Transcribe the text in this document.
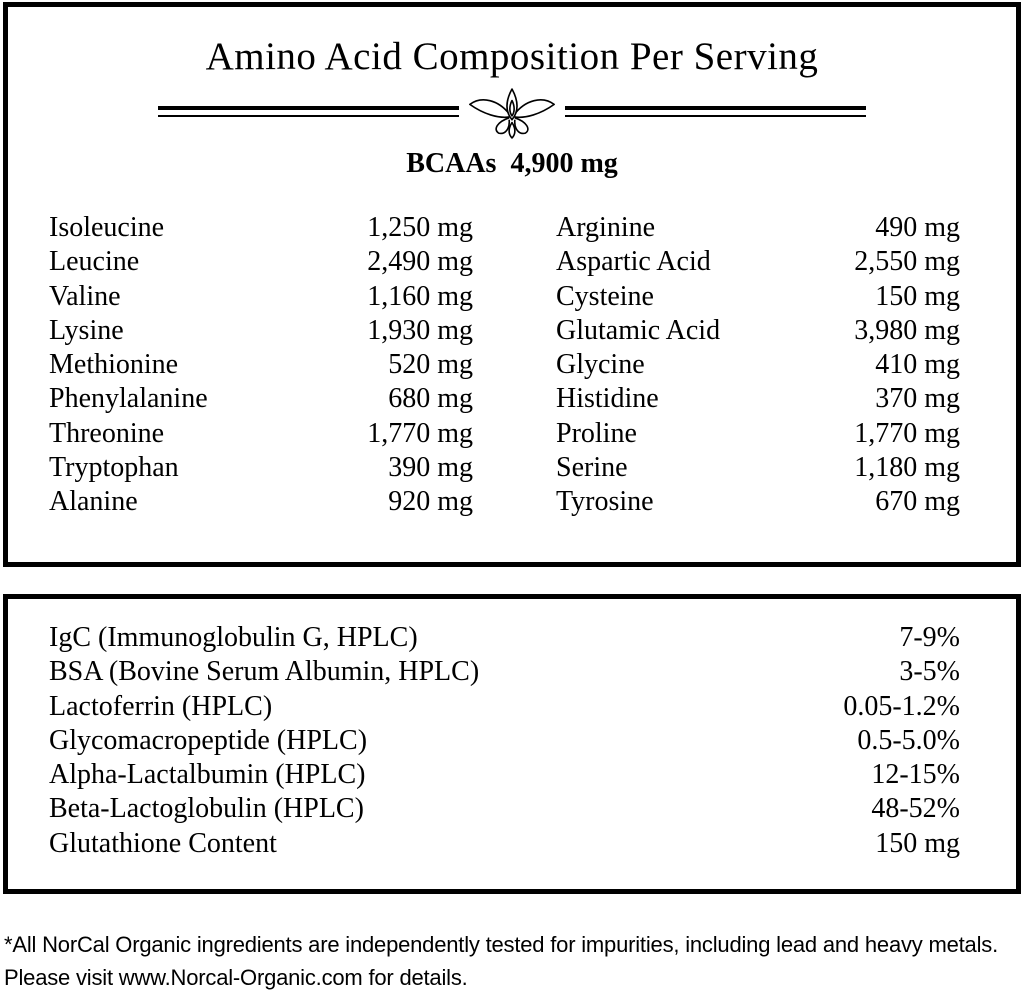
Amino Acid Composition Per Serving
BCAAs  4,900 mg
Isoleucine	1,250 mg
Leucine	2,490 mg
Valine	1,160 mg
Lysine	1,930 mg
Methionine	520 mg
Phenylalanine	680 mg
Threonine	1,770 mg
Tryptophan	390 mg
Alanine	920 mg
Arginine	490 mg
Aspartic Acid	2,550 mg
Cysteine	150 mg
Glutamic Acid	3,980 mg
Glycine	410 mg
Histidine	370 mg
Proline	1,770 mg
Serine	1,180 mg
Tyrosine	670 mg
IgC (Immunoglobulin G, HPLC)	7-9%
BSA (Bovine Serum Albumin, HPLC)	3-5%
Lactoferrin (HPLC)	0.05-1.2%
Glycomacropeptide (HPLC)	0.5-5.0%
Alpha-Lactalbumin (HPLC)	12-15%
Beta-Lactoglobulin (HPLC)	48-52%
Glutathione Content	150 mg

*All NorCal Organic ingredients are independently tested for impurities, including lead and heavy metals. Please visit www.Norcal-Organic.com for details.
